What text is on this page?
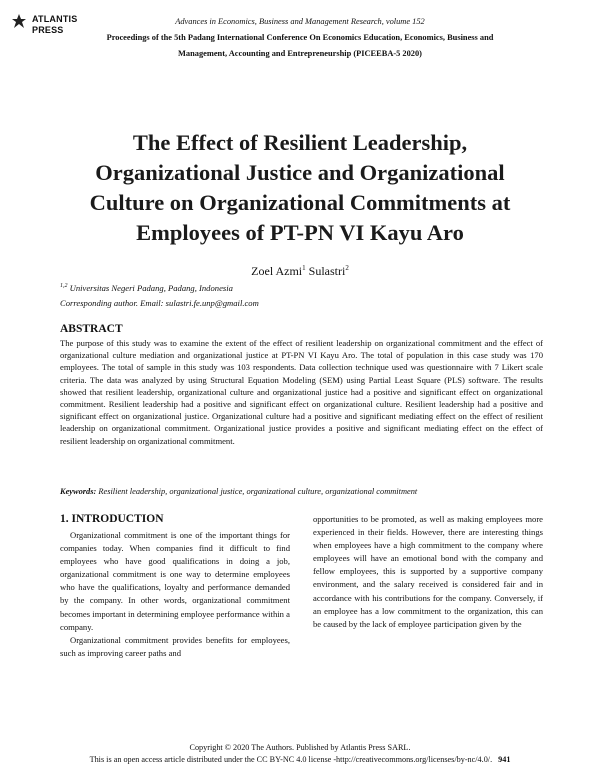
ATLANTIS
PRESS
Advances in Economics, Business and Management Research, volume 152
Proceedings of the 5th Padang International Conference On Economics Education, Economics, Business and
Management, Accounting and Entrepreneurship (PICEEBA-5 2020)
The Effect of Resilient Leadership,
Organizational Justice and Organizational
Culture on Organizational Commitments at
Employees of PT-PN VI Kayu Aro
Zoel Azmi$^1$ Sulastri$^2$
$^{1,2}$ Universitas Negeri Padang, Padang, Indonesia
Corresponding author. Email: sulastri.fe.unp@gmail.com
ABSTRACT
The purpose of this study was to examine the extent of the effect of resilient leadership on organizational commitment and the effect of organizational culture mediation and organizational justice at PT-PN VI Kayu Aro. The total of population in this case study was 170 employees. The total of sample in this study was 103 respondents. Data collection technique used was questionnaire with 7 Likert scale criteria. The data was analyzed by using Structural Equation Modeling (SEM) using Partial Least Square (PLS) software. The results showed that resilient leadership, organizational culture and organizational justice had a positive and significant effect on organizational commitment. Resilient leadership had a positive and significant effect on organizational culture. Resilient leadership had a positive and significant effect on organizational justice. Organizational culture had a positive and significant mediating effect on the effect of resilient leadership on organizational commitment. Organizational justice provides a positive and significant mediating effect on the effect of resilient leadership on organizational commitment.
Keywords: Resilient leadership, organizational justice, organizational culture, organizational commitment
1. INTRODUCTION

Organizational commitment is one of the important things for companies today. When companies find it difficult to find employees who have good qualifications in doing a job, organizational commitment is one way to determine employees who have the qualifications, loyalty and performance demanded by the company. In other words, organizational commitment becomes important in determining employee performance within a company.

Organizational commitment provides benefits for employees, such as improving career paths and

opportunities to be promoted, as well as making employees more experienced in their fields. However, there are interesting things when employees have a high commitment to the company where employees will have an emotional bond with the company and fellow employees, this is supported by a supportive company environment, and the salary received is considered fair and in accordance with his contributions for the company. Conversely, if an employee has a low commitment to the organization, this can be caused by the lack of employee participation given by the

Copyright © 2020 The Authors. Published by Atlantis Press SARL.
This is an open access article distributed under the CC BY-NC 4.0 license -http://creativecommons.org/licenses/by-nc/4.0/. 941
